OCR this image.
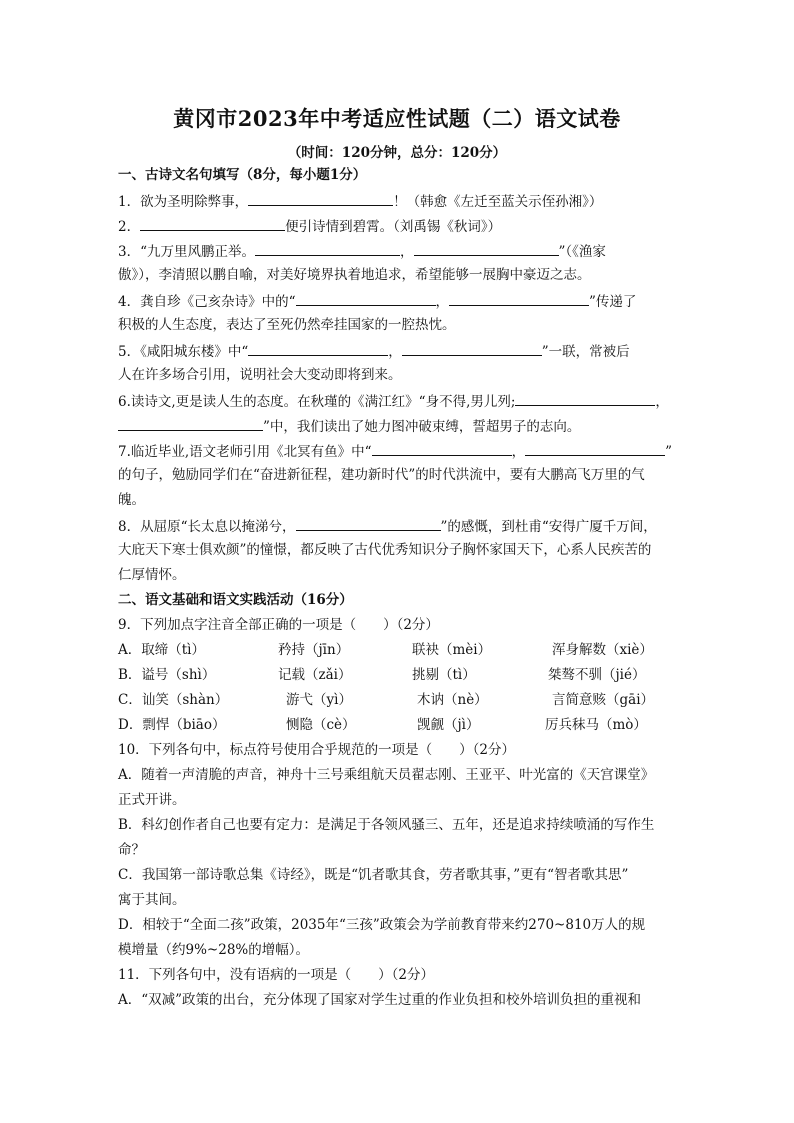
黄冈市2023年中考适应性试题（二）语文试卷
（时间：120分钟，总分：120分）
一、古诗文名句填写（8分，每小题1分）
1．欲为圣明除弊事，	！（韩愈《左迁至蓝关示侄孙湘》）
2．	便引诗情到碧霄。（刘禹锡《秋词》）
3．“九万里风鹏正举。	，	”（《渔家
傲》），李清照以鹏自喻，对美好境界执着地追求，希望能够一展胸中豪迈之志。
4．龚自珍《己亥杂诗》中的“	，	”传递了
积极的人生态度，表达了至死仍然牵挂国家的一腔热忱。
5．《咸阳城东楼》中“	，	”一联，常被后
人在许多场合引用，说明社会大变动即将到来。
6.读诗文,更是读人生的态度。在秋瑾的《满江红》“身不得,男儿列;	，
”中，我们读出了她力图冲破束缚，誓超男子的志向。
7.临近毕业,语文老师引用《北冥有鱼》中“	，	”
的句子，勉励同学们在“奋进新征程，建功新时代”的时代洪流中，要有大鹏高飞万里的气
魄。
8．从屈原“长太息以掩涕兮，	”的感慨，到杜甫“安得广厦千万间，
大庇天下寒士俱欢颜”的憧憬，都反映了古代优秀知识分子胸怀家国天下，心系人民疾苦的
仁厚情怀。
二、语文基础和语文实践活动（16分）
9．下列加点字注音全部正确的一项是（　　）（2分）
A．取缔（tì）	矜持（jīn）	联袂（mèi）	浑身解数（xiè）
B．谥号（shì）	记载（zǎi）	挑剔（tì）	桀骜不驯（jié）
C．讪笑（shàn）	游弋（yì）	木讷（nè）	言简意赅（gāi）
D．剽悍（biāo）	恻隐（cè）	觊觎（jì）	厉兵秣马（mò）
10．下列各句中，标点符号使用合乎规范的一项是（　　）（2分）
A．随着一声清脆的声音，神舟十三号乘组航天员翟志刚、王亚平、叶光富的《天宫课堂》
正式开讲。
B．科幻创作者自己也要有定力：是满足于各领风骚三、五年，还是追求持续喷涌的写作生
命？
C．我国第一部诗歌总集《诗经》，既是“饥者歌其食，劳者歌其事，”更有“智者歌其思”
寓于其间。
D．相较于“全面二孩”政策，2035年“三孩”政策会为学前教育带来约270~810万人的规
模增量（约9%~28%的增幅）。
11．下列各句中，没有语病的一项是（　　）（2分）
A．“双减”政策的出台，充分体现了国家对学生过重的作业负担和校外培训负担的重视和
